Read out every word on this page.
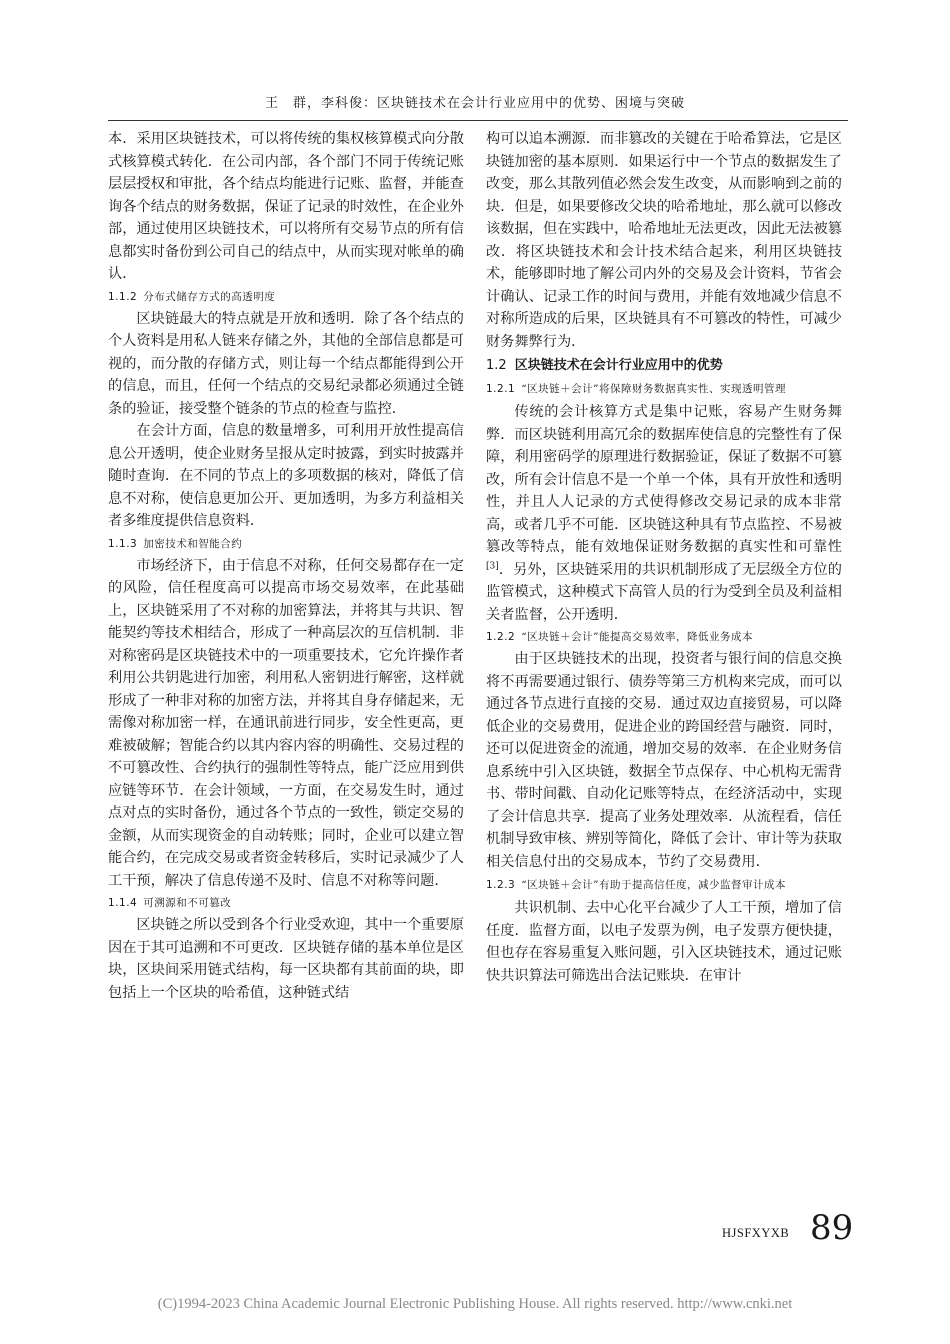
王　群，李科俊：区块链技术在会计行业应用中的优势、困境与突破

本．采用区块链技术，可以将传统的集权核算模式向分散式核算模式转化．在公司内部，各个部门不同于传统记账层层授权和审批，各个结点均能进行记账、监督，并能查询各个结点的财务数据，保证了记录的时效性，在企业外部，通过使用区块链技术，可以将所有交易节点的所有信息都实时备份到公司自己的结点中，从而实现对帐单的确认．

1.1.2 分布式储存方式的高透明度

区块链最大的特点就是开放和透明．除了各个结点的个人资料是用私人链来存储之外，其他的全部信息都是可视的，而分散的存储方式，则让每一个结点都能得到公开的信息，而且，任何一个结点的交易纪录都必须通过全链条的验证，接受整个链条的节点的检查与监控．

在会计方面，信息的数量增多，可利用开放性提高信息公开透明，使企业财务呈报从定时披露，到实时披露并随时查询．在不同的节点上的多项数据的核对，降低了信息不对称，使信息更加公开、更加透明，为多方利益相关者多维度提供信息资料．

1.1.3 加密技术和智能合约

市场经济下，由于信息不对称，任何交易都存在一定的风险，信任程度高可以提高市场交易效率，在此基础上，区块链采用了不对称的加密算法，并将其与共识、智能契约等技术相结合，形成了一种高层次的互信机制．非对称密码是区块链技术中的一项重要技术，它允许操作者利用公共钥匙进行加密，利用私人密钥进行解密，这样就形成了一种非对称的加密方法，并将其自身存储起来，无需像对称加密一样，在通讯前进行同步，安全性更高，更难被破解；智能合约以其内容内容的明确性、交易过程的不可篡改性、合约执行的强制性等特点，能广泛应用到供应链等环节．在会计领域，一方面，在交易发生时，通过点对点的实时备份，通过各个节点的一致性，锁定交易的金额，从而实现资金的自动转账；同时，企业可以建立智能合约，在完成交易或者资金转移后，实时记录减少了人工干预，解决了信息传递不及时、信息不对称等问题．

1.1.4 可溯源和不可篡改

区块链之所以受到各个行业受欢迎，其中一个重要原因在于其可追溯和不可更改．区块链存储的基本单位是区块，区块间采用链式结构，每一区块都有其前面的块，即包括上一个区块的哈希值，这种链式结

构可以追本溯源．而非篡改的关键在于哈希算法，它是区块链加密的基本原则．如果运行中一个节点的数据发生了改变，那么其散列值必然会发生改变，从而影响到之前的块．但是，如果要修改父块的哈希地址，那么就可以修改该数据，但在实践中，哈希地址无法更改，因此无法被篡改．将区块链技术和会计技术结合起来，利用区块链技术，能够即时地了解公司内外的交易及会计资料，节省会计确认、记录工作的时间与费用，并能有效地减少信息不对称所造成的后果，区块链具有不可篡改的特性，可减少财务舞弊行为．

1.2 区块链技术在会计行业应用中的优势
1.2.1 “区块链＋会计”将保障财务数据真实性、实现透明管理

传统的会计核算方式是集中记账，容易产生财务舞弊．而区块链利用高冗余的数据库使信息的完整性有了保障，利用密码学的原理进行数据验证，保证了数据不可篡改，所有会计信息不是一个单一个体，具有开放性和透明性，并且人人记录的方式使得修改交易记录的成本非常高，或者几乎不可能．区块链这种具有节点监控、不易被篡改等特点，能有效地保证财务数据的真实性和可靠性[3]．另外，区块链采用的共识机制形成了无层级全方位的监管模式，这种模式下高管人员的行为受到全员及利益相关者监督，公开透明．

1.2.2 “区块链＋会计”能提高交易效率，降低业务成本

由于区块链技术的出现，投资者与银行间的信息交换将不再需要通过银行、债券等第三方机构来完成，而可以通过各节点进行直接的交易．通过双边直接贸易，可以降低企业的交易费用，促进企业的跨国经营与融资．同时，还可以促进资金的流通，增加交易的效率．在企业财务信息系统中引入区块链，数据全节点保存、中心机构无需背书、带时间戳、自动化记账等特点，在经济活动中，实现了会计信息共享．提高了业务处理效率．从流程看，信任机制导致审核、辨别等简化，降低了会计、审计等为获取相关信息付出的交易成本，节约了交易费用．

1.2.3 “区块链＋会计”有助于提高信任度，减少监督审计成本

共识机制、去中心化平台减少了人工干预，增加了信任度．监督方面，以电子发票为例，电子发票方便快捷，但也存在容易重复入账问题，引入区块链技术，通过记账快共识算法可筛选出合法记账块．在审计

HJSFXYXB 89
(C)1994-2023 China Academic Journal Electronic Publishing House. All rights reserved. http://www.cnki.net
